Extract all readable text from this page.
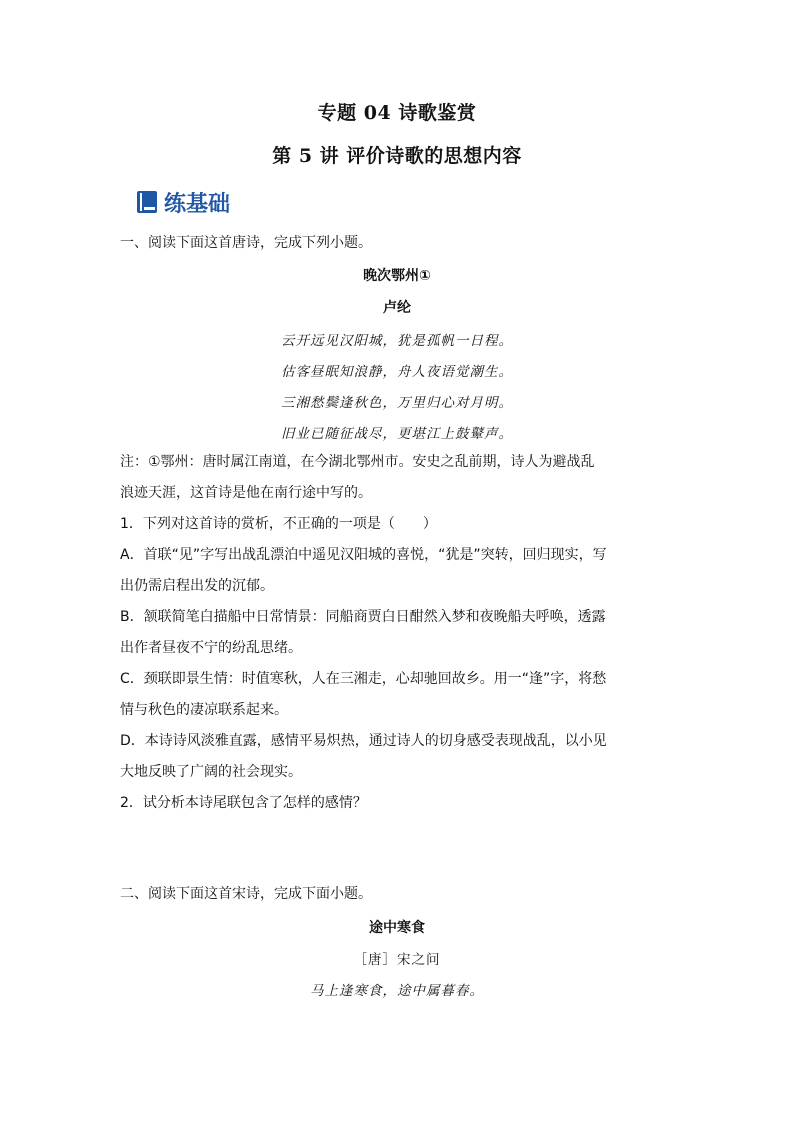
专题 04 诗歌鉴赏
第 5 讲 评价诗歌的思想内容
练基础
一、阅读下面这首唐诗，完成下列小题。
晚次鄂州①
卢纶
云开远见汉阳城，犹是孤帆一日程。
估客昼眠知浪静，舟人夜语觉潮生。
三湘愁鬓逢秋色，万里归心对月明。
旧业已随征战尽，更堪江上鼓鼙声。
注：①鄂州：唐时属江南道，在今湖北鄂州市。安史之乱前期，诗人为避战乱
浪迹天涯，这首诗是他在南行途中写的。
1．下列对这首诗的赏析，不正确的一项是（　　）
A．首联“见”字写出战乱漂泊中遥见汉阳城的喜悦，“犹是”突转，回归现实，写
出仍需启程出发的沉郁。
B．颔联简笔白描船中日常情景：同船商贾白日酣然入梦和夜晚船夫呼唤，透露
出作者昼夜不宁的纷乱思绪。
C．颈联即景生情：时值寒秋，人在三湘走，心却驰回故乡。用一“逢”字，将愁
情与秋色的凄凉联系起来。
D．本诗诗风淡雅直露，感情平易炽热，通过诗人的切身感受表现战乱，以小见
大地反映了广阔的社会现实。
2．试分析本诗尾联包含了怎样的感情？
二、阅读下面这首宋诗，完成下面小题。
途中寒食
［唐］宋之问
马上逢寒食，途中属暮春。
